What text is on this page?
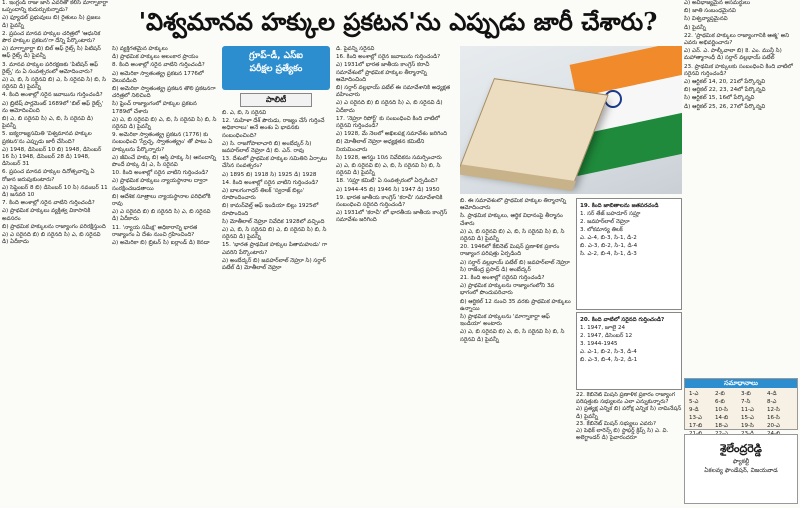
'విశ్వమానవ హక్కుల ప్రకటన'ను ఎప్పుడు జారీ చేశారు?

1. ఇంగ్లండ్ రాజు జాన్ ఎవరితో కలిసి మాగ్నాకార్టా ఒప్పందాన్ని కుదుర్చుకున్నాడు?

ఎ) ఫ్యూడల్ ప్రభువులు బి) రైతులు సి) ప్రజలు డి) పైవన్నీ

2. ప్రపంచ మానవ హక్కుల చరిత్రలో 'ఆధునిక పౌర హక్కుల ప్రకటన'గా దేన్ని పేర్కొంటారు?

ఎ) మాగ్నాకార్టా బి) బిల్ ఆఫ్ రైట్స్ సి) పిటిషన్ ఆఫ్ రైట్స్ డి) పైవన్నీ

3. మానవ హక్కుల పరిరక్షణకు 'పిటిషన్ ఆఫ్ రైట్స్' ను ఏ సంవత్సరంలో ఆమోదించారు?

ఎ) ఎ, బి, సి సరైనవి బి) ఎ, సి సరైనవి సి) బి, సి సరైనవి డి) పైవన్నీ

4. కింది అంశాల్లో సరైన జవాబును గుర్తించండి?

ఎ) బ్రిటిష్ పార్లమెంట్ 1689లో 'బిల్ ఆఫ్ రైట్స్' ను ఆమోదించింది

బి) ఎ, బి సరైనవి సి) ఎ, బి, సి సరైనవి డి) పైవన్నీ

5. ఐక్యరాజ్యసమితి 'విశ్వమానవ హక్కుల ప్రకటన'ను ఎప్పుడు జారీ చేసింది?

ఎ) 1948, డిసెంబర్ 10 బి) 1948, డిసెంబర్ 16 సి) 1948, డిసెంబర్ 28 డి) 1948, డిసెంబర్ 31

6. ప్రపంచ మానవ హక్కుల దినోత్సవాన్ని ఏ రోజున జరుపుకుంటారు?

ఎ) సెప్టెంబర్ 8 బి) డిసెంబర్ 10 సి) నవంబర్ 11 డి) జనవరి 10

7. కింది అంశాల్లో సరైన వాటిని గుర్తించండి?

ఎ) ప్రాథమిక హక్కులు వ్యక్తిత్వ వికాసానికి అవసరం

బి) ప్రాథమిక హక్కులను రాజ్యాంగం పరిరక్షిస్తుంది

ఎ) ఎ సరైనది బి) బి సరైనది సి) ఎ, బి సరైనవి డి) ఏదీకాదు

సి) వ్యక్తిగతమైన హక్కులు

డి) ప్రాథమిక హక్కులు అలంకార ప్రాయం

8. కింది అంశాల్లో సరైన వాటిని గుర్తించండి?

ఎ) అమెరికా స్వాతంత్య్ర ప్రకటన 1776లో వెలువడింది

బి) అమెరికా స్వాతంత్య్ర ప్రకటన తొలి ప్రకటనగా చరిత్రలో నిలిచింది

సి) ఫ్రెంచ్ రాజ్యాంగంలో హక్కుల ప్రకటన 1789లో చేశారు

ఎ) ఎ, బి సరైనవి బి) ఎ, బి, సి సరైనవి సి) బి, సి సరైనవి డి) పైవన్నీ

9. అమెరికా స్వాతంత్య్ర ప్రకటన (1776) కు సంబంధించి 'స్వేచ్ఛ, స్వాతంత్య్రం' తో పాటు ఏ హక్కులను పేర్కొన్నారు?

ఎ) జీవించే హక్కు బి) ఆస్తి హక్కు సి) ఆనందాన్ని పొందే హక్కు డి) ఎ, సి సరైనవి

10. కింది అంశాల్లో సరైన వాటిని గుర్తించండి?

ఎ) ప్రాథమిక హక్కులు న్యాయస్థానాల ద్వారా సంరక్షించబడతాయి

బి) ఆదేశిక సూత్రాలు న్యాయస్థానాల పరిధిలోకి రావు

ఎ) ఎ సరైనది బి) బి సరైనది సి) ఎ, బి సరైనవి డి) ఏదీకాదు

11. 'న్యాయ సమీక్ష' అధికారాన్ని భారత రాజ్యాంగం ఏ దేశం నుంచి గ్రహించింది?

ఎ) అమెరికా బి) బ్రిటన్ సి) ఐర్లాండ్ డి) కెనడా

గ్రూప్-డీ, ఎస్ఐ
పరీక్షల ప్రత్యేకం
పాలిటీ

బి. ఎ, బి, సి సరైనవి

12. 'మహిళా దేశ్ పౌరుడు, రాజ్యం చేసే గుర్తించే అధికారాలు' అనే అంశం ఏ భావనకు సంబంధించింది?

ఎ) సి. రాజగోపాలాచారి బి) అంబేద్కర్ సి) జవహర్‌లాల్ నెహ్రూ డి) బి. ఎన్. రావు

13. దేశంలో ప్రాథమిక హక్కుల సమితిని ఏర్పాటు చేసిన సంవత్సరం?

ఎ) 1895 బి) 1918 సి) 1925 డి) 1928

14. కింది అంశాల్లో సరైన వాటిని గుర్తించండి?

ఎ) బాలగంగాధర్ తిలక్ 'స్వరాజ్ బిల్లు' రూపొందించారు

బి) కామన్‌వెల్త్ ఆఫ్ ఇండియా బిల్లు 1925లో రూపొందింది

సి) మోతీలాల్ నెహ్రూ నివేదిక 1928లో వచ్చింది

ఎ) ఎ, బి, సి సరైనవి బి) ఎ, బి సరైనవి సి) బి, సి సరైనవి డి) పైవన్నీ

15. 'భారత ప్రాథమిక హక్కుల పితామహుడు' గా ఎవరిని పేర్కొంటారు?

ఎ) అంబేద్కర్ బి) జవహర్‌లాల్ నెహ్రూ సి) సర్దార్ పటేల్ డి) మోతీలాల్ నెహ్రూ

డి. పైవన్నీ సరైనవి

16. కింది అంశాల్లో సరైన జవాబును గుర్తించండి?

ఎ) 1931లో భారత జాతీయ కాంగ్రెస్ కరాచీ సమావేశంలో ప్రాథమిక హక్కుల తీర్మానాన్ని ఆమోదించింది

బి) సర్దార్ వల్లభాయ్ పటేల్ ఈ సమావేశానికి అధ్యక్షత వహించారు

ఎ) ఎ సరైనది బి) బి సరైనది సి) ఎ, బి సరైనవి డి) ఏదీకాదు

17. 'నెహ్రూ రిపోర్ట్' కు సంబంధించి కింది వాటిలో సరైనవి గుర్తించండి?

ఎ) 1928, మే నెలలో అఖిలపక్ష సమావేశం జరిగింది

బి) మోతీలాల్ నెహ్రూ అధ్యక్షతన కమిటీని నియమించారు

సి) 1928, ఆగస్టు 10న నివేదికను సమర్పించారు

ఎ) ఎ, బి సరైనవి బి) ఎ, బి, సి సరైనవి సి) బి, సి సరైనవి డి) పైవన్నీ

18. 'సప్రూ కమిటీ' ఏ సంవత్సరంలో ఏర్పడింది?

ఎ) 1944-45 బి) 1946 సి) 1947 డి) 1950

19. భారత జాతీయ కాంగ్రెస్ 'కరాచీ' సమావేశానికి సంబంధించి సరైనది గుర్తించండి?

ఎ) 1931లో 'కరాచీ' లో భారతీయ జాతీయ కాంగ్రెస్ సమావేశం జరిగింది

బి. ఈ సమావేశంలో ప్రాథమిక హక్కుల తీర్మానాన్ని ఆమోదించారు

సి. ప్రాథమిక హక్కులు, ఆర్థిక విధానంపై తీర్మానం చేశారు

ఎ) ఎ, బి సరైనవి బి) ఎ, బి, సి సరైనవి సి) బి, సి సరైనవి డి) పైవన్నీ

20. 1946లో కేబినెట్ మిషన్ ప్రణాళిక ప్రకారం రాజ్యాంగ పరిషత్తు ఏర్పడింది

ఎ) సర్దార్ వల్లభాయ్ పటేల్ బి) జవహర్‌లాల్ నెహ్రూ సి) రాజేంద్ర ప్రసాద్ డి) అంబేద్కర్

21. కింది అంశాల్లో సరైనవి గుర్తించండి?

ఎ) ప్రాథమిక హక్కులను రాజ్యాంగంలోని 3వ భాగంలో పొందుపరిచారు

బి) ఆర్టికల్ 12 నుంచి 35 వరకు ప్రాథమిక హక్కులు ఉన్నాయి

సి) ప్రాథమిక హక్కులను 'మాగ్నాకార్టా ఆఫ్ ఇండియా' అంటారు

ఎ) ఎ, బి సరైనవి బి) ఎ, బి, సి సరైనవి సి) బి, సి సరైనవి డి) పైవన్నీ

19. కింది జాబితాలను జతపరచండి

1. సర్ తేజ్ బహదూర్ సప్రూ

2. జవహర్‌లాల్ నెహ్రూ

3. లోకమాన్య తిలక్

ఎ. ఎ-4, బి-3, సి-1, డి-2

బి. ఎ-3, బి-2, సి-1, డి-4

సి. ఎ-2, బి-4, సి-1, డి-3

20. కింది వాటిలో సరైనది గుర్తించండి?

1. 1947, జూలై 24

2. 1947, డిసెంబర్ 12

3. 1944-1945

ఎ. ఎ-1, బి-2, సి-3, డి-4

బి. ఎ-3, బి-4, సి-2, డి-1

22. కేబినెట్ మిషన్ ప్రణాళిక ప్రకారం రాజ్యాంగ పరిషత్తుకు సభ్యులను ఎలా ఎన్నుకున్నారు?

ఎ) ప్రత్యక్ష ఎన్నిక బి) పరోక్ష ఎన్నిక సి) నామినేషన్ డి) పైవన్నీ

23. కేబినెట్ మిషన్ సభ్యులు ఎవరు?

ఎ) పెథిక్ లారెన్స్ బి) స్టాఫర్డ్ క్రిప్స్ సి) ఎ. వి. అలెగ్జాండర్ డి) పైవారందరూ

ఎ) అవిభాజ్యమైన అసమర్థులు

బి) జాతి సంబంధమైనవి

సి) విశ్వవ్యాప్తమైనవి

డి) పైవన్నీ

22. 'ప్రాథమిక హక్కులు రాజ్యాంగానికి ఆత్మ' అని ఎవరు అభివర్ణించారు?

ఎ) ఎన్. ఎ. పాల్కీవాలా బి) కె. ఎం. మున్షీ సి) మహాత్మాగాంధీ డి) సర్దార్ వల్లభాయ్ పటేల్

23. ప్రాథమిక హక్కులకు సంబంధించి కింది వాటిలో సరైనవి గుర్తించండి?

ఎ) ఆర్టికల్ 14, 20, 21లో పేర్కొన్నవి

బి) ఆర్టికల్ 22, 23, 24లో పేర్కొన్నవి

సి) ఆర్టికల్ 15, 16లో పేర్కొన్నవి

డి) ఆర్టికల్ 25, 26, 27లో పేర్కొన్నవి

సమాధానాలు
1-ఎ	2-బి	3-బి	4-డి
5-ఎ	6-బి	7-సి	8-ఎ
9-డి	10-సి	11-ఎ	12-సి
13-ఎ	14-బి	15-ఎ	16-సి
17-బి	18-ఎ	19-సి	20-ఎ
శైలేంద్రరెడ్డి
ఫ్యాకల్టీ
ఏకలవ్య ఫౌండేషన్, విజయవాడ
